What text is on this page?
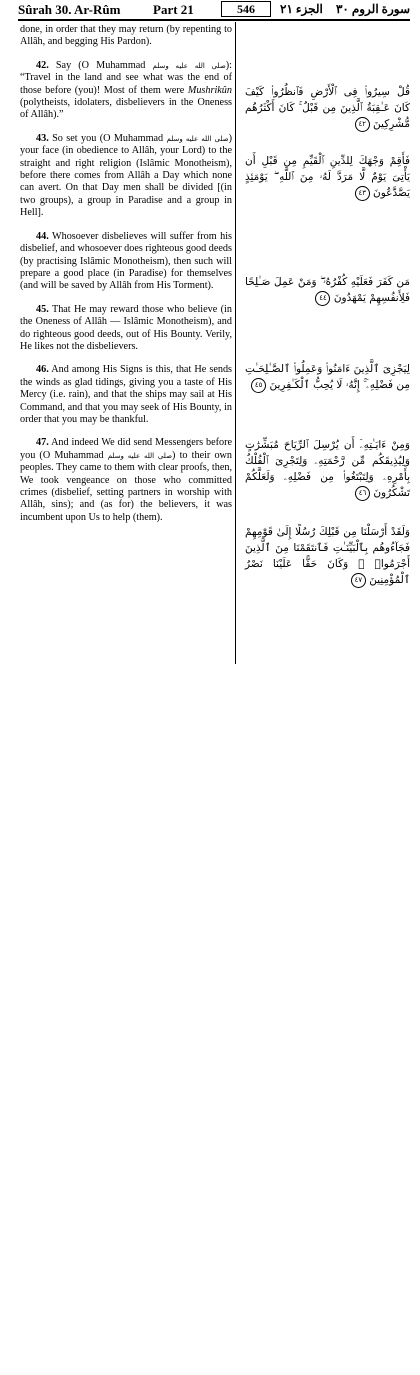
Sûrah 30. Ar-Rûm	Part 21	546	الجزء ٢١ سورة الروم ٣٠

done, in order that they may return (by repenting to Allâh, and begging His Pardon).

42. Say (O Muhammad صلى الله عليه وسلم): “Travel in the land and see what was the end of those before (you)! Most of them were Mushrikûn (polytheists, idolaters, disbelievers in the Oneness of Allâh).”

43. So set you (O Muhammad صلى الله عليه وسلم) your face (in obedience to Allâh, your Lord) to the straight and right religion (Islâmic Monotheism), before there comes from Allâh a Day which none can avert. On that Day men shall be divided [(in two groups), a group in Paradise and a group in Hell].

44. Whosoever disbelieves will suffer from his disbelief, and whosoever does righteous good deeds (by practising Islâmic Monotheism), then such will prepare a good place (in Paradise) for themselves (and will be saved by Allâh from His Torment).

45. That He may reward those who believe (in the Oneness of Allâh — Islâmic Monotheism), and do righteous good deeds, out of His Bounty. Verily, He likes not the disbelievers.

46. And among His Signs is this, that He sends the winds as glad tidings, giving you a taste of His Mercy (i.e. rain), and that the ships may sail at His Command, and that you may seek of His Bounty, in order that you may be thankful.

47. And indeed We did send Messengers before you (O Muhammad صلى الله عليه وسلم) to their own peoples. They came to them with clear proofs, then, We took vengeance on those who committed crimes (disbelief, setting partners in worship with Allâh, sins); and (as for) the believers, it was incumbent upon Us to help (them).

قُلْ سِيرُوا۟ فِى ٱلْأَرْضِ فَٱنظُرُوا۟ كَيْفَ كَانَ عَـٰقِبَةُ ٱلَّذِينَ مِن قَبْلُ ۚ كَانَ أَكْثَرُهُم مُّشْرِكِينَ ٤٢
فَأَقِمْ وَجْهَكَ لِلدِّينِ ٱلْقَيِّمِ مِن قَبْلِ أَن يَأْتِىَ يَوْمٌ لَّا مَرَدَّ لَهُۥ مِنَ ٱللَّهِ ۖ يَوْمَئِذٍ يَصَّدَّعُونَ ٤٣
مَن كَفَرَ فَعَلَيْهِ كُفْرُهُۥ ۖ وَمَنْ عَمِلَ صَـٰلِحًا فَلِأَنفُسِهِمْ يَمْهَدُونَ ٤٤
لِيَجْزِىَ ٱلَّذِينَ ءَامَنُوا۟ وَعَمِلُوا۟ ٱلصَّـٰلِحَـٰتِ مِن فَضْلِهِۦٓ ۚ إِنَّهُۥ لَا يُحِبُّ ٱلْكَـٰفِرِينَ ٤٥
وَمِنْ ءَايَـٰتِهِۦٓ أَن يُرْسِلَ ٱلرِّيَاحَ مُبَشِّرَٰتٍ وَلِيُذِيقَكُم مِّن رَّحْمَتِهِۦ وَلِتَجْرِىَ ٱلْفُلْكُ بِأَمْرِهِۦ وَلِتَبْتَغُوا۟ مِن فَضْلِهِۦ وَلَعَلَّكُمْ تَشْكُرُونَ ٤٦
وَلَقَدْ أَرْسَلْنَا مِن قَبْلِكَ رُسُلًا إِلَىٰ قَوْمِهِمْ فَجَآءُوهُم بِٱلْبَيِّنَـٰتِ فَٱنتَقَمْنَا مِنَ ٱلَّذِينَ أَجْرَمُوا۟ ۖ وَكَانَ حَقًّا عَلَيْنَا نَصْرُ ٱلْمُؤْمِنِينَ ٤٧
